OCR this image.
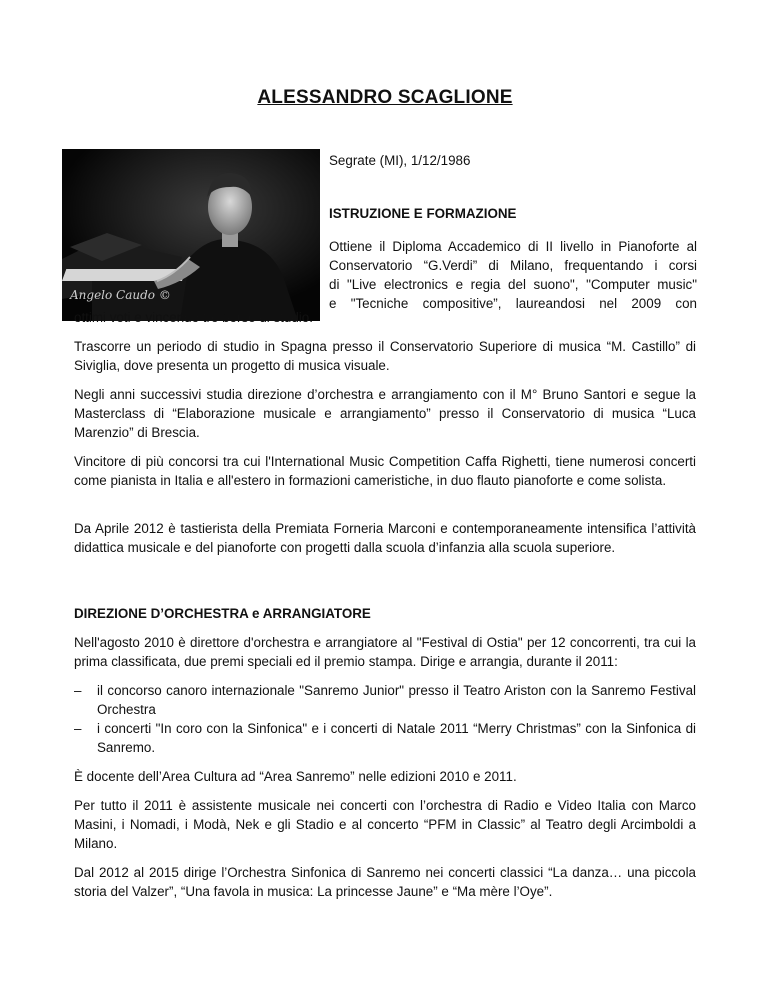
ALESSANDRO SCAGLIONE
Angelo Caudo ©

Segrate (MI), 1/12/1986

ISTRUZIONE E FORMAZIONE

Ottiene il Diploma Accademico di II livello in Pianoforte al

Conservatorio “G.Verdi” di Milano, frequentando i corsi

di "Live electronics e regia del suono", "Computer music"

e "Tecniche compositive”, laureandosi nel 2009 con

ottimi voti e vincendo tre borse di studio.
Trascorre un periodo di studio in Spagna presso il Conservatorio Superiore di musica “M. Castillo” di Siviglia, dove presenta un progetto di musica visuale.
Negli anni successivi studia direzione d’orchestra e arrangiamento con il M° Bruno Santori e segue la Masterclass di “Elaborazione musicale e arrangiamento” presso il Conservatorio di musica “Luca Marenzio” di Brescia.
Vincitore di più concorsi tra cui l'International Music Competition Caffa Righetti, tiene numerosi concerti come pianista in Italia e all'estero in formazioni cameristiche, in duo flauto pianoforte e come solista.
Da Aprile 2012 è tastierista della Premiata Forneria Marconi e contemporaneamente intensifica l’attività didattica musicale e del pianoforte con progetti dalla scuola d’infanzia alla scuola superiore.
DIREZIONE D’ORCHESTRA e ARRANGIATORE
Nell'agosto 2010 è direttore d'orchestra e arrangiatore al "Festival di Ostia" per 12 concorrenti, tra cui la prima classificata, due premi speciali ed il premio stampa. Dirige e arrangia, durante il 2011:
– il concorso canoro internazionale "Sanremo Junior" presso il Teatro Ariston con la Sanremo Festival Orchestra
– i concerti "In coro con la Sinfonica" e i concerti di Natale 2011 “Merry Christmas” con la Sinfonica di Sanremo.
È docente dell’Area Cultura ad “Area Sanremo” nelle edizioni 2010 e 2011.
Per tutto il 2011 è assistente musicale nei concerti con l’orchestra di Radio e Video Italia con Marco Masini, i Nomadi, i Modà, Nek e gli Stadio e al concerto “PFM in Classic” al Teatro degli Arcimboldi a Milano.
Dal 2012 al 2015 dirige l’Orchestra Sinfonica di Sanremo nei concerti classici “La danza… una piccola storia del Valzer”, “Una favola in musica: La princesse Jaune” e “Ma mère l’Oye”.
